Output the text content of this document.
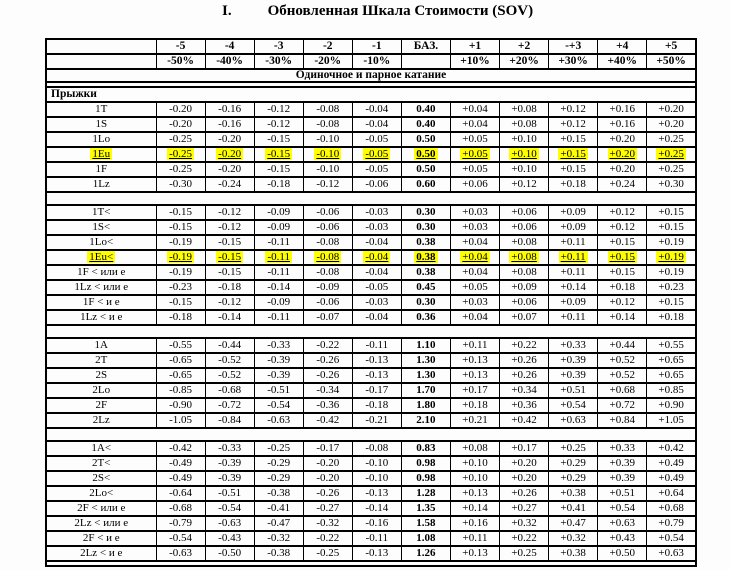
I. Обновленная Шкала Стоимости (SOV)
	-5	-4	-3	-2	-1	БАЗ.	+1	+2	-+3	+4	+5
	-50%	-40%	-30%	-20%	-10%		+10%	+20%	+30%	+40%	+50%
Одиночное и парное катание											

Прыжки											
1T	-0.20	-0.16	-0.12	-0.08	-0.04	0.40	+0.04	+0.08	+0.12	+0.16	+0.20
1S	-0.20	-0.16	-0.12	-0.08	-0.04	0.40	+0.04	+0.08	+0.12	+0.16	+0.20
1Lo	-0.25	-0.20	-0.15	-0.10	-0.05	0.50	+0.05	+0.10	+0.15	+0.20	+0.25
1Eu	-0.25	-0.20	-0.15	-0.10	-0.05	0.50	+0.05	+0.10	+0.15	+0.20	+0.25
1F	-0.25	-0.20	-0.15	-0.10	-0.05	0.50	+0.05	+0.10	+0.15	+0.20	+0.25
1Lz	-0.30	-0.24	-0.18	-0.12	-0.06	0.60	+0.06	+0.12	+0.18	+0.24	+0.30

1T<	-0.15	-0.12	-0.09	-0.06	-0.03	0.30	+0.03	+0.06	+0.09	+0.12	+0.15
1S<	-0.15	-0.12	-0.09	-0.06	-0.03	0.30	+0.03	+0.06	+0.09	+0.12	+0.15
1Lo<	-0.19	-0.15	-0.11	-0.08	-0.04	0.38	+0.04	+0.08	+0.11	+0.15	+0.19
1Eu<	-0.19	-0.15	-0.11	-0.08	-0.04	0.38	+0.04	+0.08	+0.11	+0.15	+0.19
1F < или е	-0.19	-0.15	-0.11	-0.08	-0.04	0.38	+0.04	+0.08	+0.11	+0.15	+0.19
1Lz < или е	-0.23	-0.18	-0.14	-0.09	-0.05	0.45	+0.05	+0.09	+0.14	+0.18	+0.23
1F < и е	-0.15	-0.12	-0.09	-0.06	-0.03	0.30	+0.03	+0.06	+0.09	+0.12	+0.15
1Lz < и е	-0.18	-0.14	-0.11	-0.07	-0.04	0.36	+0.04	+0.07	+0.11	+0.14	+0.18

1A	-0.55	-0.44	-0.33	-0.22	-0.11	1.10	+0.11	+0.22	+0.33	+0.44	+0.55
2T	-0.65	-0.52	-0.39	-0.26	-0.13	1.30	+0.13	+0.26	+0.39	+0.52	+0.65
2S	-0.65	-0.52	-0.39	-0.26	-0.13	1.30	+0.13	+0.26	+0.39	+0.52	+0.65
2Lo	-0.85	-0.68	-0.51	-0.34	-0.17	1.70	+0.17	+0.34	+0.51	+0.68	+0.85
2F	-0.90	-0.72	-0.54	-0.36	-0.18	1.80	+0.18	+0.36	+0.54	+0.72	+0.90
2Lz	-1.05	-0.84	-0.63	-0.42	-0.21	2.10	+0.21	+0.42	+0.63	+0.84	+1.05

1A<	-0.42	-0.33	-0.25	-0.17	-0.08	0.83	+0.08	+0.17	+0.25	+0.33	+0.42
2T<	-0.49	-0.39	-0.29	-0.20	-0.10	0.98	+0.10	+0.20	+0.29	+0.39	+0.49
2S<	-0.49	-0.39	-0.29	-0.20	-0.10	0.98	+0.10	+0.20	+0.29	+0.39	+0.49
2Lo<	-0.64	-0.51	-0.38	-0.26	-0.13	1.28	+0.13	+0.26	+0.38	+0.51	+0.64
2F < или е	-0.68	-0.54	-0.41	-0.27	-0.14	1.35	+0.14	+0.27	+0.41	+0.54	+0.68
2Lz < или е	-0.79	-0.63	-0.47	-0.32	-0.16	1.58	+0.16	+0.32	+0.47	+0.63	+0.79
2F < и е	-0.54	-0.43	-0.32	-0.22	-0.11	1.08	+0.11	+0.22	+0.32	+0.43	+0.54
2Lz < и е	-0.63	-0.50	-0.38	-0.25	-0.13	1.26	+0.13	+0.25	+0.38	+0.50	+0.63
